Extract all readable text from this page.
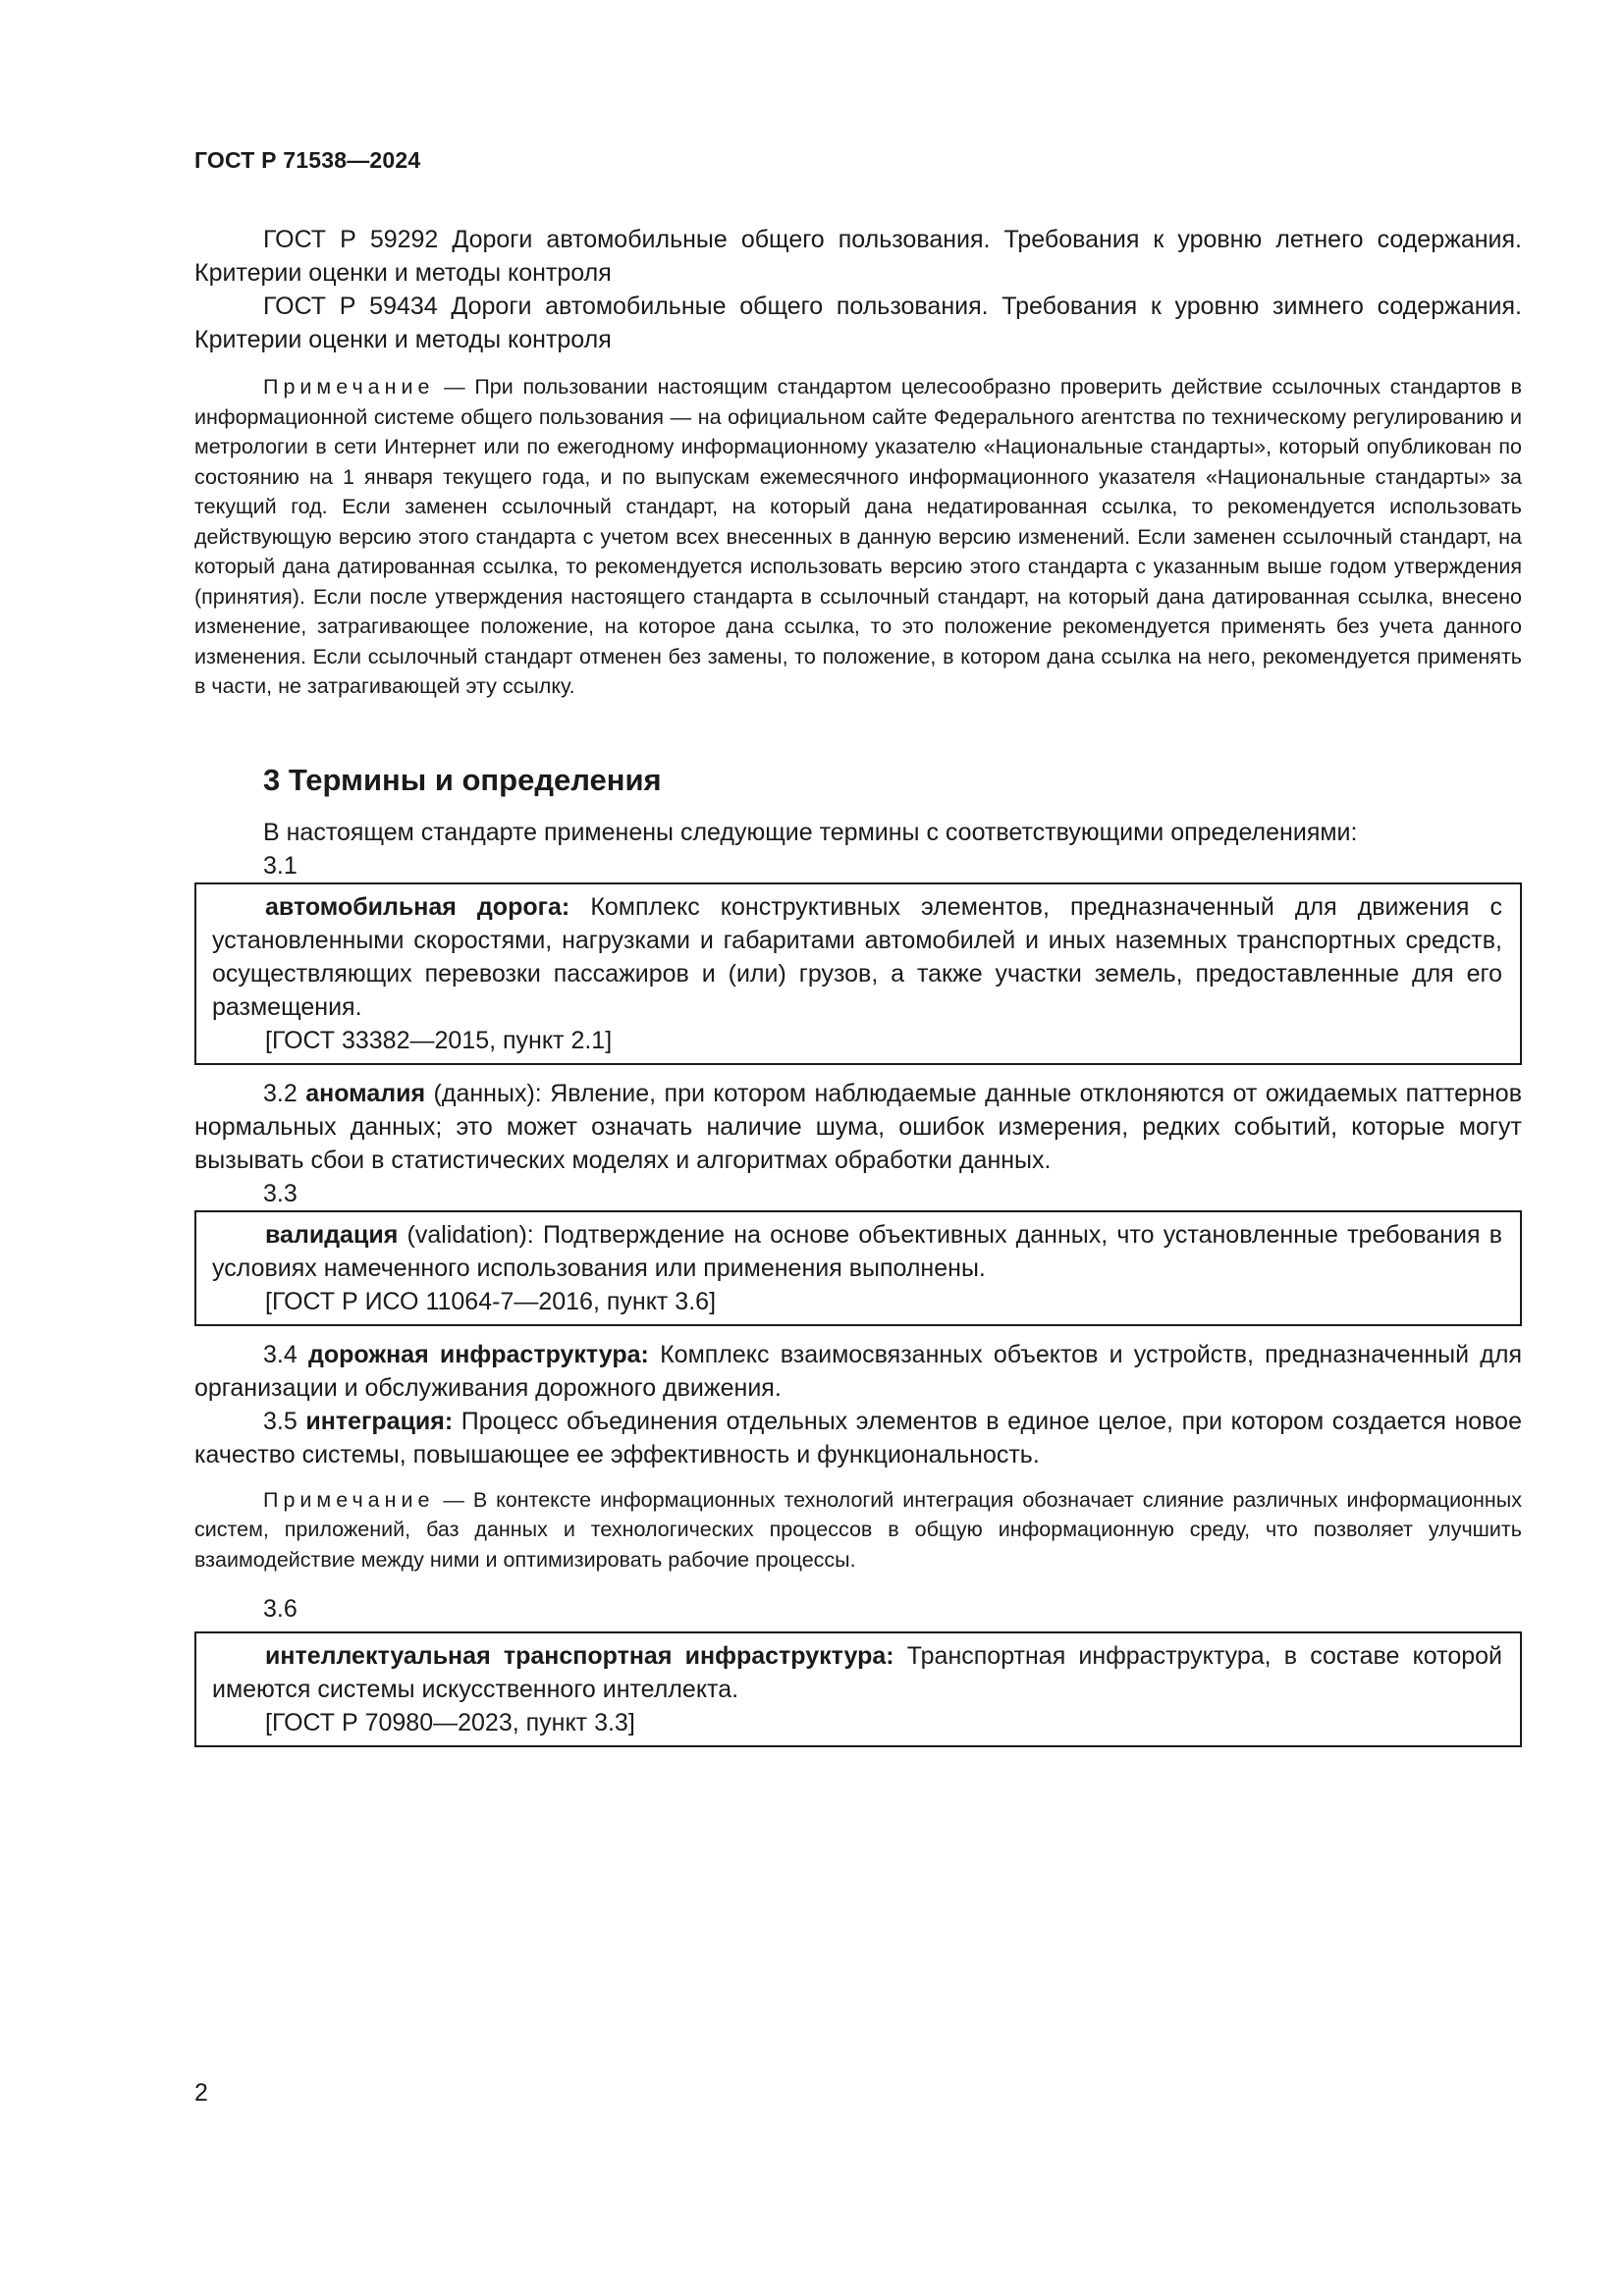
ГОСТ Р 71538—2024

ГОСТ Р 59292 Дороги автомобильные общего пользования. Требования к уровню летнего содержания. Критерии оценки и методы контроля

ГОСТ Р 59434 Дороги автомобильные общего пользования. Требования к уровню зимнего содержания. Критерии оценки и методы контроля

Примечание — При пользовании настоящим стандартом целесообразно проверить действие ссылочных стандартов в информационной системе общего пользования — на официальном сайте Федерального агентства по техническому регулированию и метрологии в сети Интернет или по ежегодному информационному указателю «Национальные стандарты», который опубликован по состоянию на 1 января текущего года, и по выпускам ежемесячного информационного указателя «Национальные стандарты» за текущий год. Если заменен ссылочный стандарт, на который дана недатированная ссылка, то рекомендуется использовать действующую версию этого стандарта с учетом всех внесенных в данную версию изменений. Если заменен ссылочный стандарт, на который дана датированная ссылка, то рекомендуется использовать версию этого стандарта с указанным выше годом утверждения (принятия). Если после утверждения настоящего стандарта в ссылочный стандарт, на который дана датированная ссылка, внесено изменение, затрагивающее положение, на которое дана ссылка, то это положение рекомендуется применять без учета данного изменения. Если ссылочный стандарт отменен без замены, то положение, в котором дана ссылка на него, рекомендуется применять в части, не затрагивающей эту ссылку.

3 Термины и определения

В настоящем стандарте применены следующие термины с соответствующими определениями:

3.1

автомобильная дорога: Комплекс конструктивных элементов, предназначенный для движения с установленными скоростями, нагрузками и габаритами автомобилей и иных наземных транспортных средств, осуществляющих перевозки пассажиров и (или) грузов, а также участки земель, предоставленные для его размещения.

[ГОСТ 33382—2015, пункт 2.1]

3.2 аномалия (данных): Явление, при котором наблюдаемые данные отклоняются от ожидаемых паттернов нормальных данных; это может означать наличие шума, ошибок измерения, редких событий, которые могут вызывать сбои в статистических моделях и алгоритмах обработки данных.

3.3

валидация (validation): Подтверждение на основе объективных данных, что установленные требования в условиях намеченного использования или применения выполнены.

[ГОСТ Р ИСО 11064-7—2016, пункт 3.6]

3.4 дорожная инфраструктура: Комплекс взаимосвязанных объектов и устройств, предназначенный для организации и обслуживания дорожного движения.

3.5 интеграция: Процесс объединения отдельных элементов в единое целое, при котором создается новое качество системы, повышающее ее эффективность и функциональность.

Примечание — В контексте информационных технологий интеграция обозначает слияние различных информационных систем, приложений, баз данных и технологических процессов в общую информационную среду, что позволяет улучшить взаимодействие между ними и оптимизировать рабочие процессы.

3.6

интеллектуальная транспортная инфраструктура: Транспортная инфраструктура, в составе которой имеются системы искусственного интеллекта.

[ГОСТ Р 70980—2023, пункт 3.3]

2
